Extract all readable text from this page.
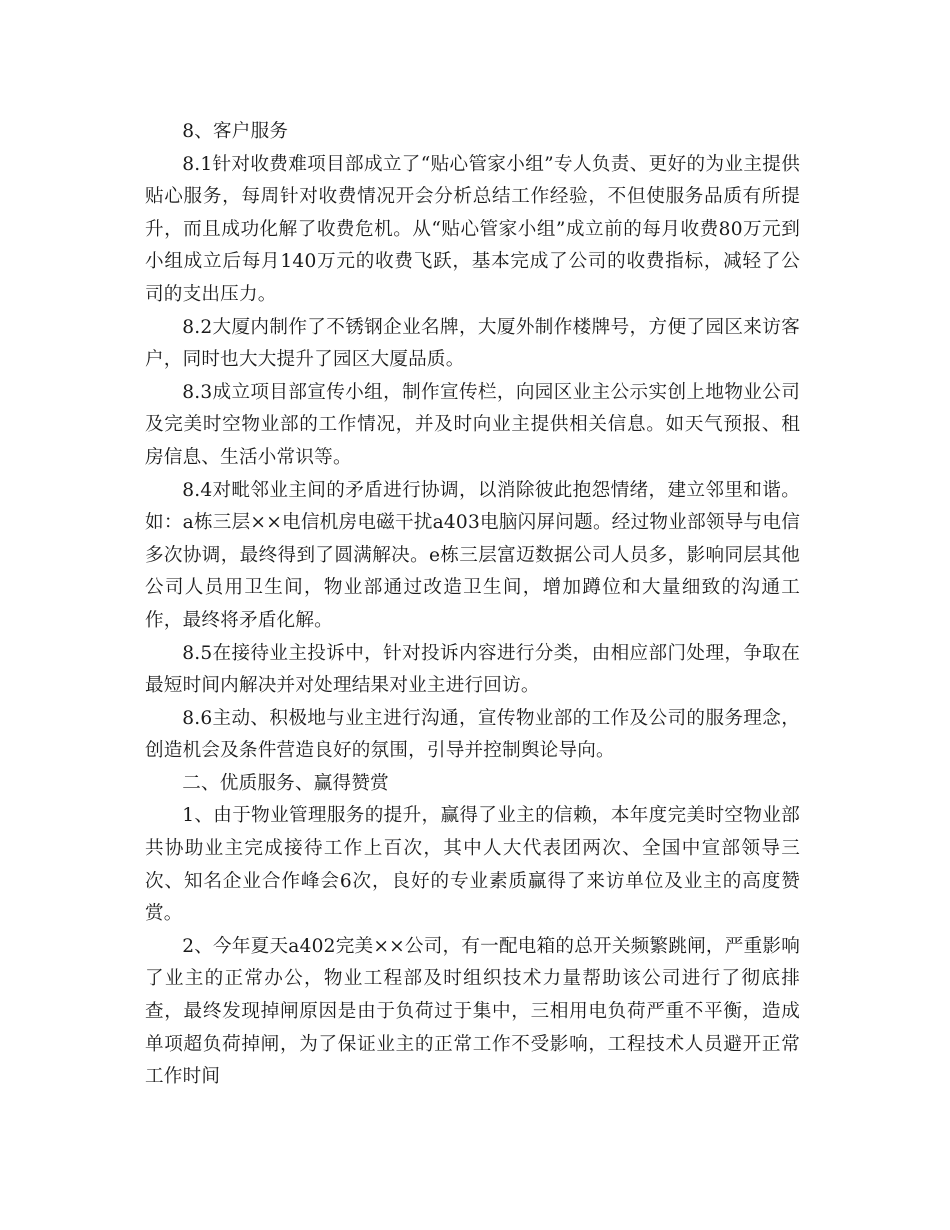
8、客户服务

8.1针对收费难项目部成立了“贴心管家小组”专人负责、更好的为业主提供贴心服务，每周针对收费情况开会分析总结工作经验，不但使服务品质有所提升，而且成功化解了收费危机。从“贴心管家小组”成立前的每月收费80万元到小组成立后每月140万元的收费飞跃，基本完成了公司的收费指标，减轻了公司的支出压力。

8.2大厦内制作了不锈钢企业名牌，大厦外制作楼牌号，方便了园区来访客户，同时也大大提升了园区大厦品质。

8.3成立项目部宣传小组，制作宣传栏，向园区业主公示实创上地物业公司及完美时空物业部的工作情况，并及时向业主提供相关信息。如天气预报、租房信息、生活小常识等。

8.4对毗邻业主间的矛盾进行协调，以消除彼此抱怨情绪，建立邻里和谐。如：a栋三层××电信机房电磁干扰a403电脑闪屏问题。经过物业部领导与电信多次协调，最终得到了圆满解决。e栋三层富迈数据公司人员多，影响同层其他公司人员用卫生间，物业部通过改造卫生间，增加蹲位和大量细致的沟通工作，最终将矛盾化解。

8.5在接待业主投诉中，针对投诉内容进行分类，由相应部门处理，争取在最短时间内解决并对处理结果对业主进行回访。

8.6主动、积极地与业主进行沟通，宣传物业部的工作及公司的服务理念，创造机会及条件营造良好的氛围，引导并控制舆论导向。

二、优质服务、赢得赞赏

1、由于物业管理服务的提升，赢得了业主的信赖，本年度完美时空物业部共协助业主完成接待工作上百次，其中人大代表团两次、全国中宣部领导三次、知名企业合作峰会6次，良好的专业素质赢得了来访单位及业主的高度赞赏。

2、今年夏天a402完美××公司，有一配电箱的总开关频繁跳闸，严重影响了业主的正常办公，物业工程部及时组织技术力量帮助该公司进行了彻底排查，最终发现掉闸原因是由于负荷过于集中，三相用电负荷严重不平衡，造成单项超负荷掉闸，为了保证业主的正常工作不受影响，工程技术人员避开正常工作时间
